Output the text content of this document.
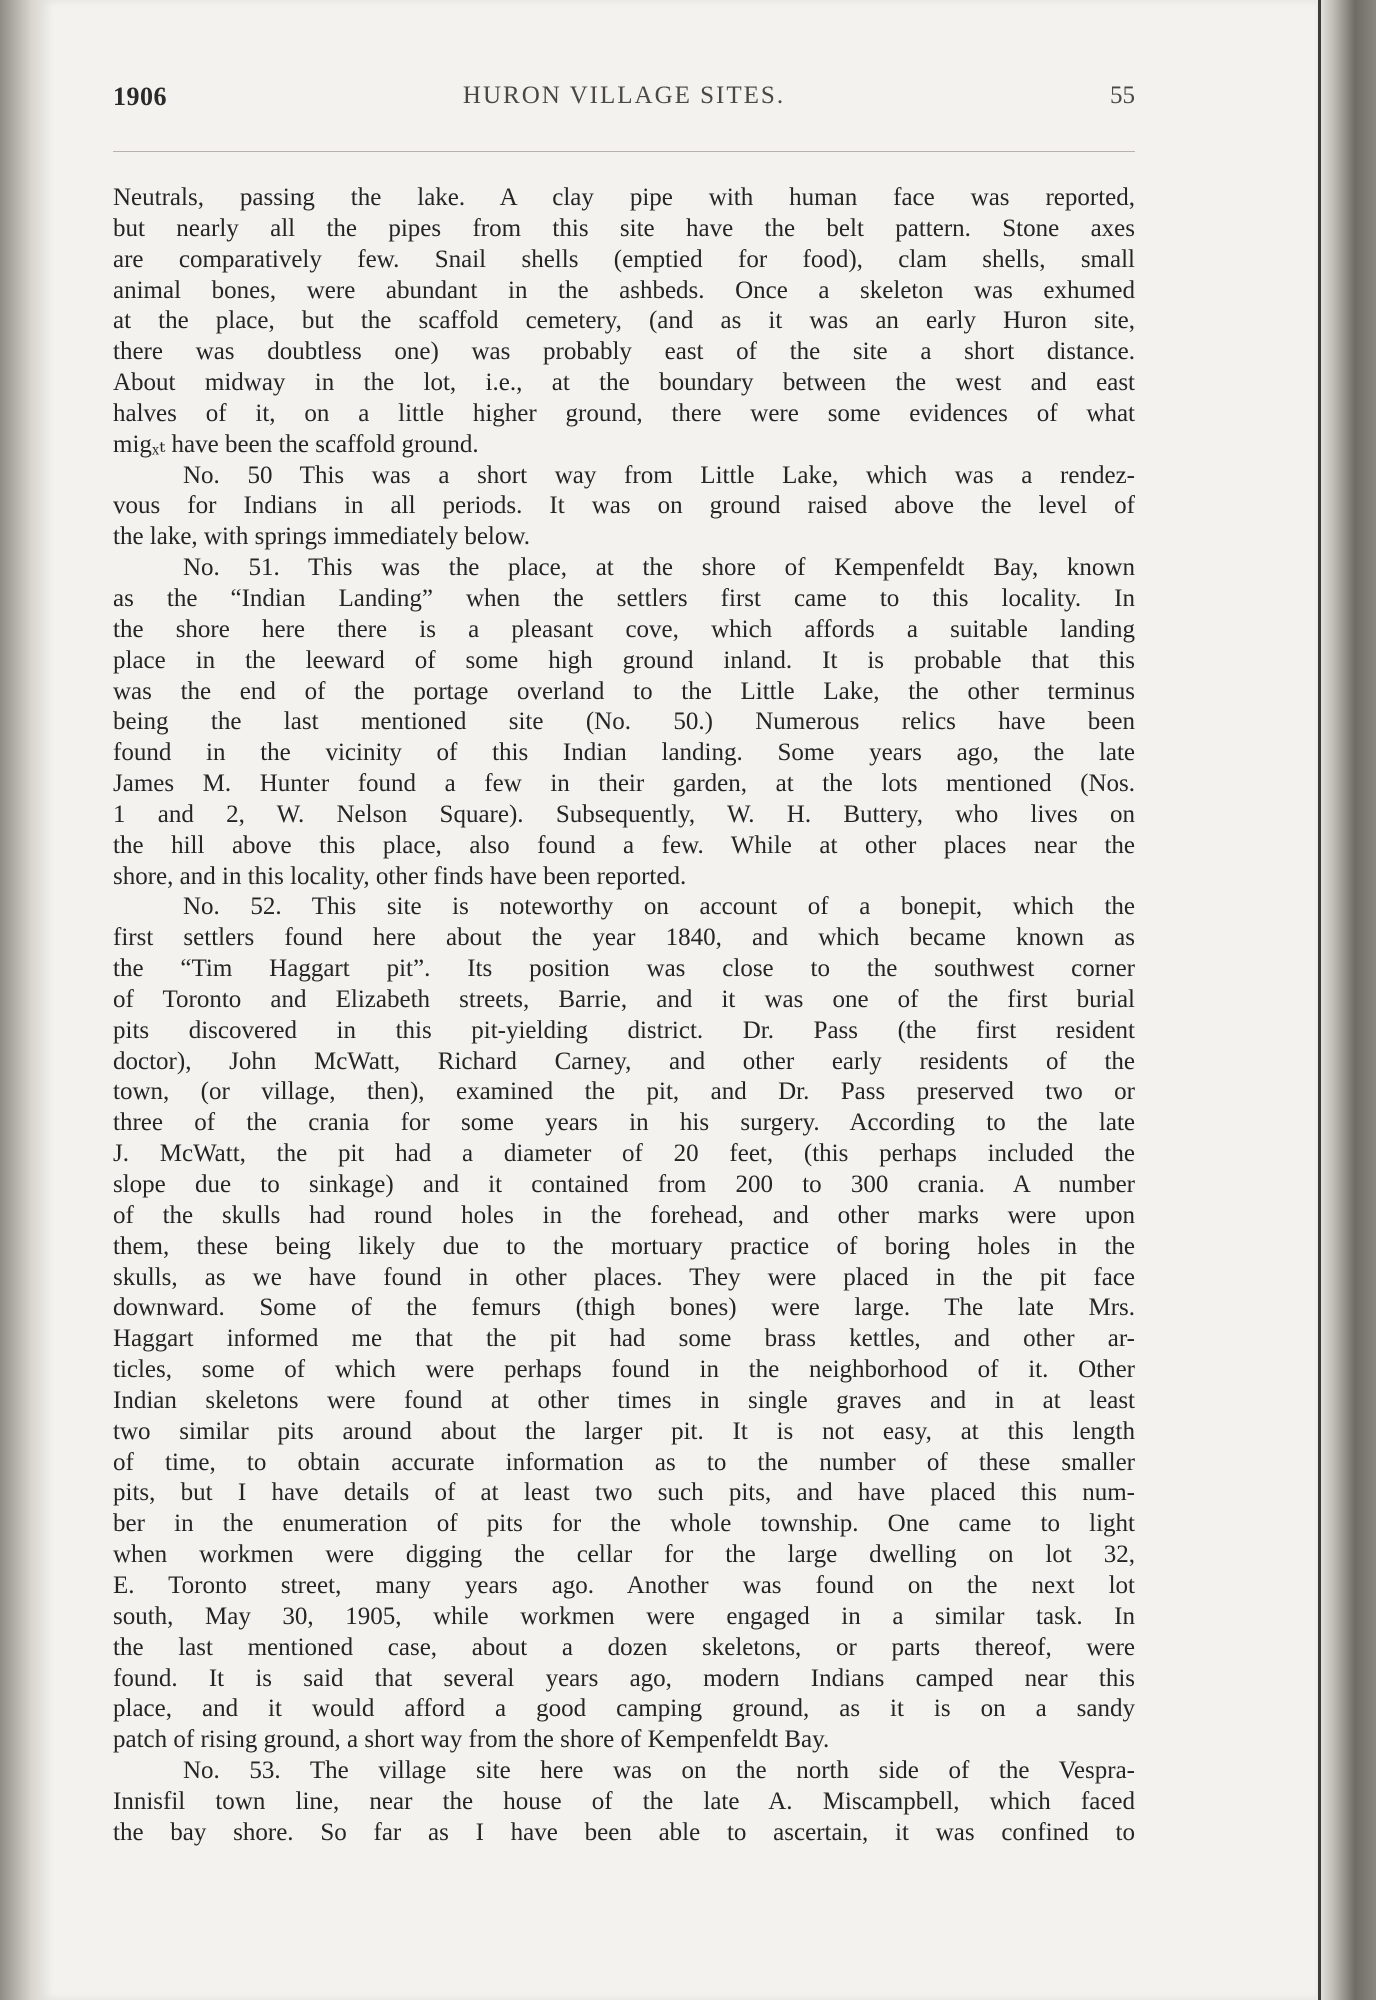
1906	HURON VILLAGE SITES.	55
Neutrals, passing the lake. A clay pipe with human face was reported,
but nearly all the pipes from this site have the belt pattern. Stone axes
are comparatively few. Snail shells (emptied for food), clam shells, small
animal bones, were abundant in the ashbeds. Once a skeleton was exhumed
at the place, but the scaffold cemetery, (and as it was an early Huron site,
there was doubtless one) was probably east of the site a short distance.
About midway in the lot, i.e., at the boundary between the west and east
halves of it, on a little higher ground, there were some evidences of what
migₓₜ have been the scaffold ground.
No. 50 This was a short way from Little Lake, which was a rendez-
vous for Indians in all periods. It was on ground raised above the level of
the lake, with springs immediately below.
No. 51. This was the place, at the shore of Kempenfeldt Bay, known
as the “Indian Landing” when the settlers first came to this locality. In
the shore here there is a pleasant cove, which affords a suitable landing
place in the leeward of some high ground inland. It is probable that this
was the end of the portage overland to the Little Lake, the other terminus
being the last mentioned site (No. 50.) Numerous relics have been
found in the vicinity of this Indian landing. Some years ago, the late
James M. Hunter found a few in their garden, at the lots mentioned (Nos.
1 and 2, W. Nelson Square). Subsequently, W. H. Buttery, who lives on
the hill above this place, also found a few. While at other places near the
shore, and in this locality, other finds have been reported.
No. 52. This site is noteworthy on account of a bonepit, which the
first settlers found here about the year 1840, and which became known as
the “Tim Haggart pit”. Its position was close to the southwest corner
of Toronto and Elizabeth streets, Barrie, and it was one of the first burial
pits discovered in this pit-yielding district. Dr. Pass (the first resident
doctor), John McWatt, Richard Carney, and other early residents of the
town, (or village, then), examined the pit, and Dr. Pass preserved two or
three of the crania for some years in his surgery. According to the late
J. McWatt, the pit had a diameter of 20 feet, (this perhaps included the
slope due to sinkage) and it contained from 200 to 300 crania. A number
of the skulls had round holes in the forehead, and other marks were upon
them, these being likely due to the mortuary practice of boring holes in the
skulls, as we have found in other places. They were placed in the pit face
downward. Some of the femurs (thigh bones) were large. The late Mrs.
Haggart informed me that the pit had some brass kettles, and other ar-
ticles, some of which were perhaps found in the neighborhood of it. Other
Indian skeletons were found at other times in single graves and in at least
two similar pits around about the larger pit. It is not easy, at this length
of time, to obtain accurate information as to the number of these smaller
pits, but I have details of at least two such pits, and have placed this num-
ber in the enumeration of pits for the whole township. One came to light
when workmen were digging the cellar for the large dwelling on lot 32,
E. Toronto street, many years ago. Another was found on the next lot
south, May 30, 1905, while workmen were engaged in a similar task. In
the last mentioned case, about a dozen skeletons, or parts thereof, were
found. It is said that several years ago, modern Indians camped near this
place, and it would afford a good camping ground, as it is on a sandy
patch of rising ground, a short way from the shore of Kempenfeldt Bay.
No. 53. The village site here was on the north side of the Vespra-
Innisfil town line, near the house of the late A. Miscampbell, which faced
the bay shore. So far as I have been able to ascertain, it was confined to
